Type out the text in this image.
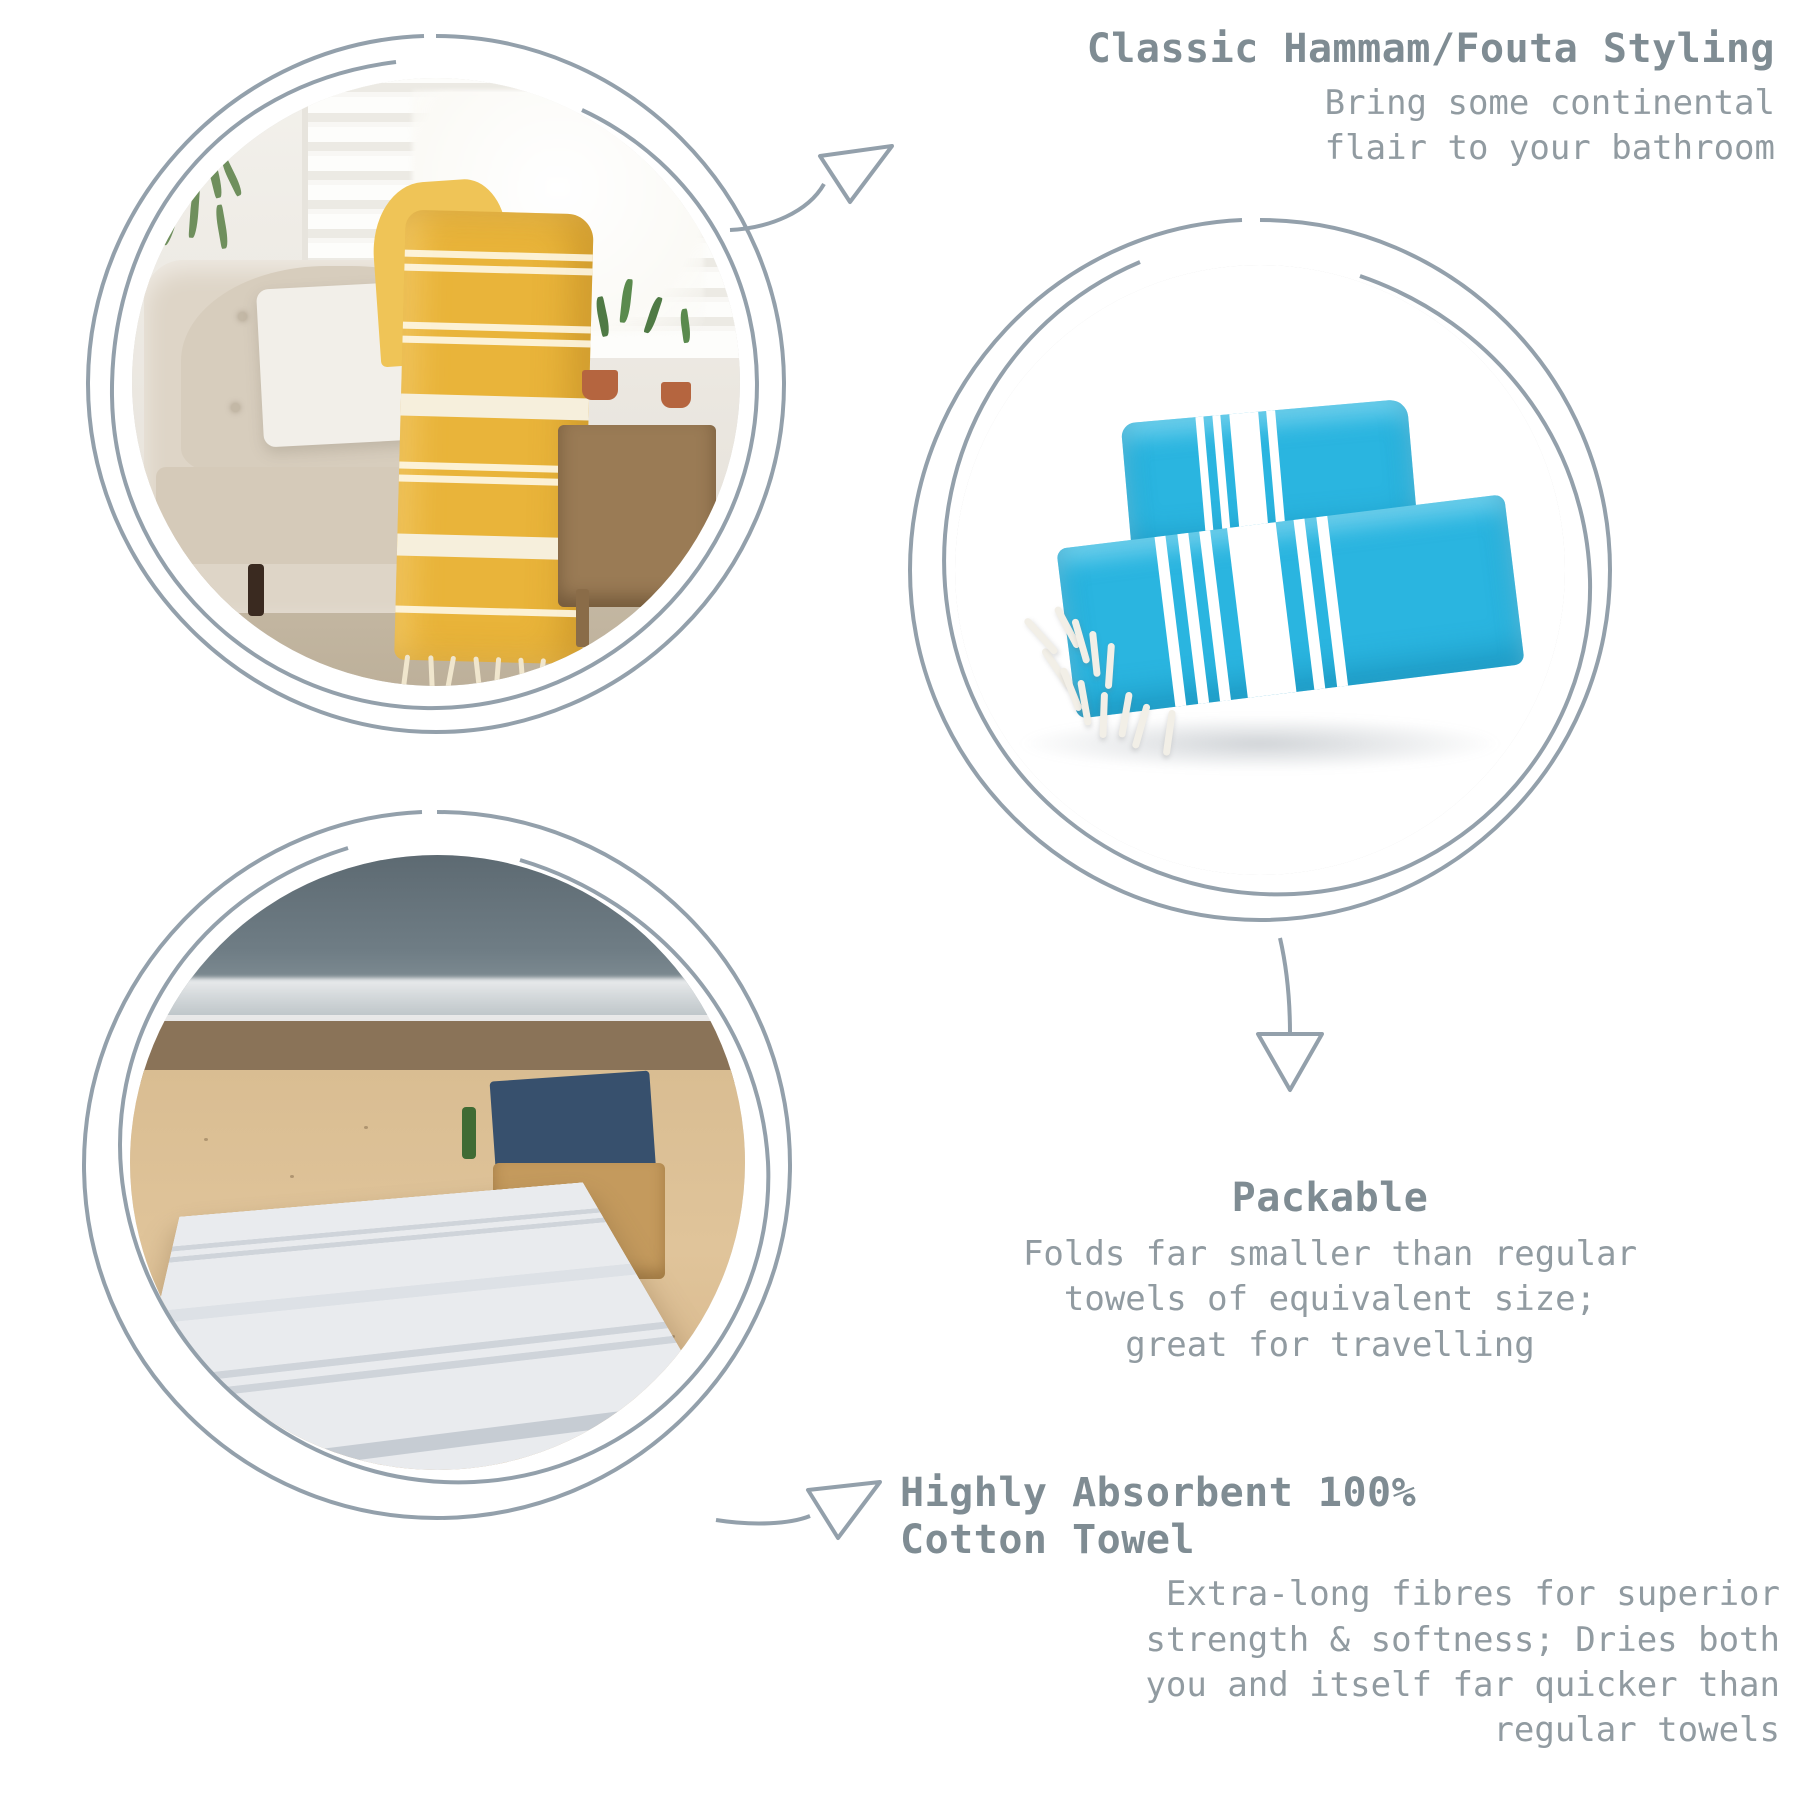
Classic Hammam/Fouta Styling
Bring some continental
flair to your bathroom
Packable
Folds far smaller than regular
towels of equivalent size;
great for travelling
Highly Absorbent 100%
Cotton Towel
Extra-long fibres for superior
strength & softness; Dries both
you and itself far quicker than
regular towels
